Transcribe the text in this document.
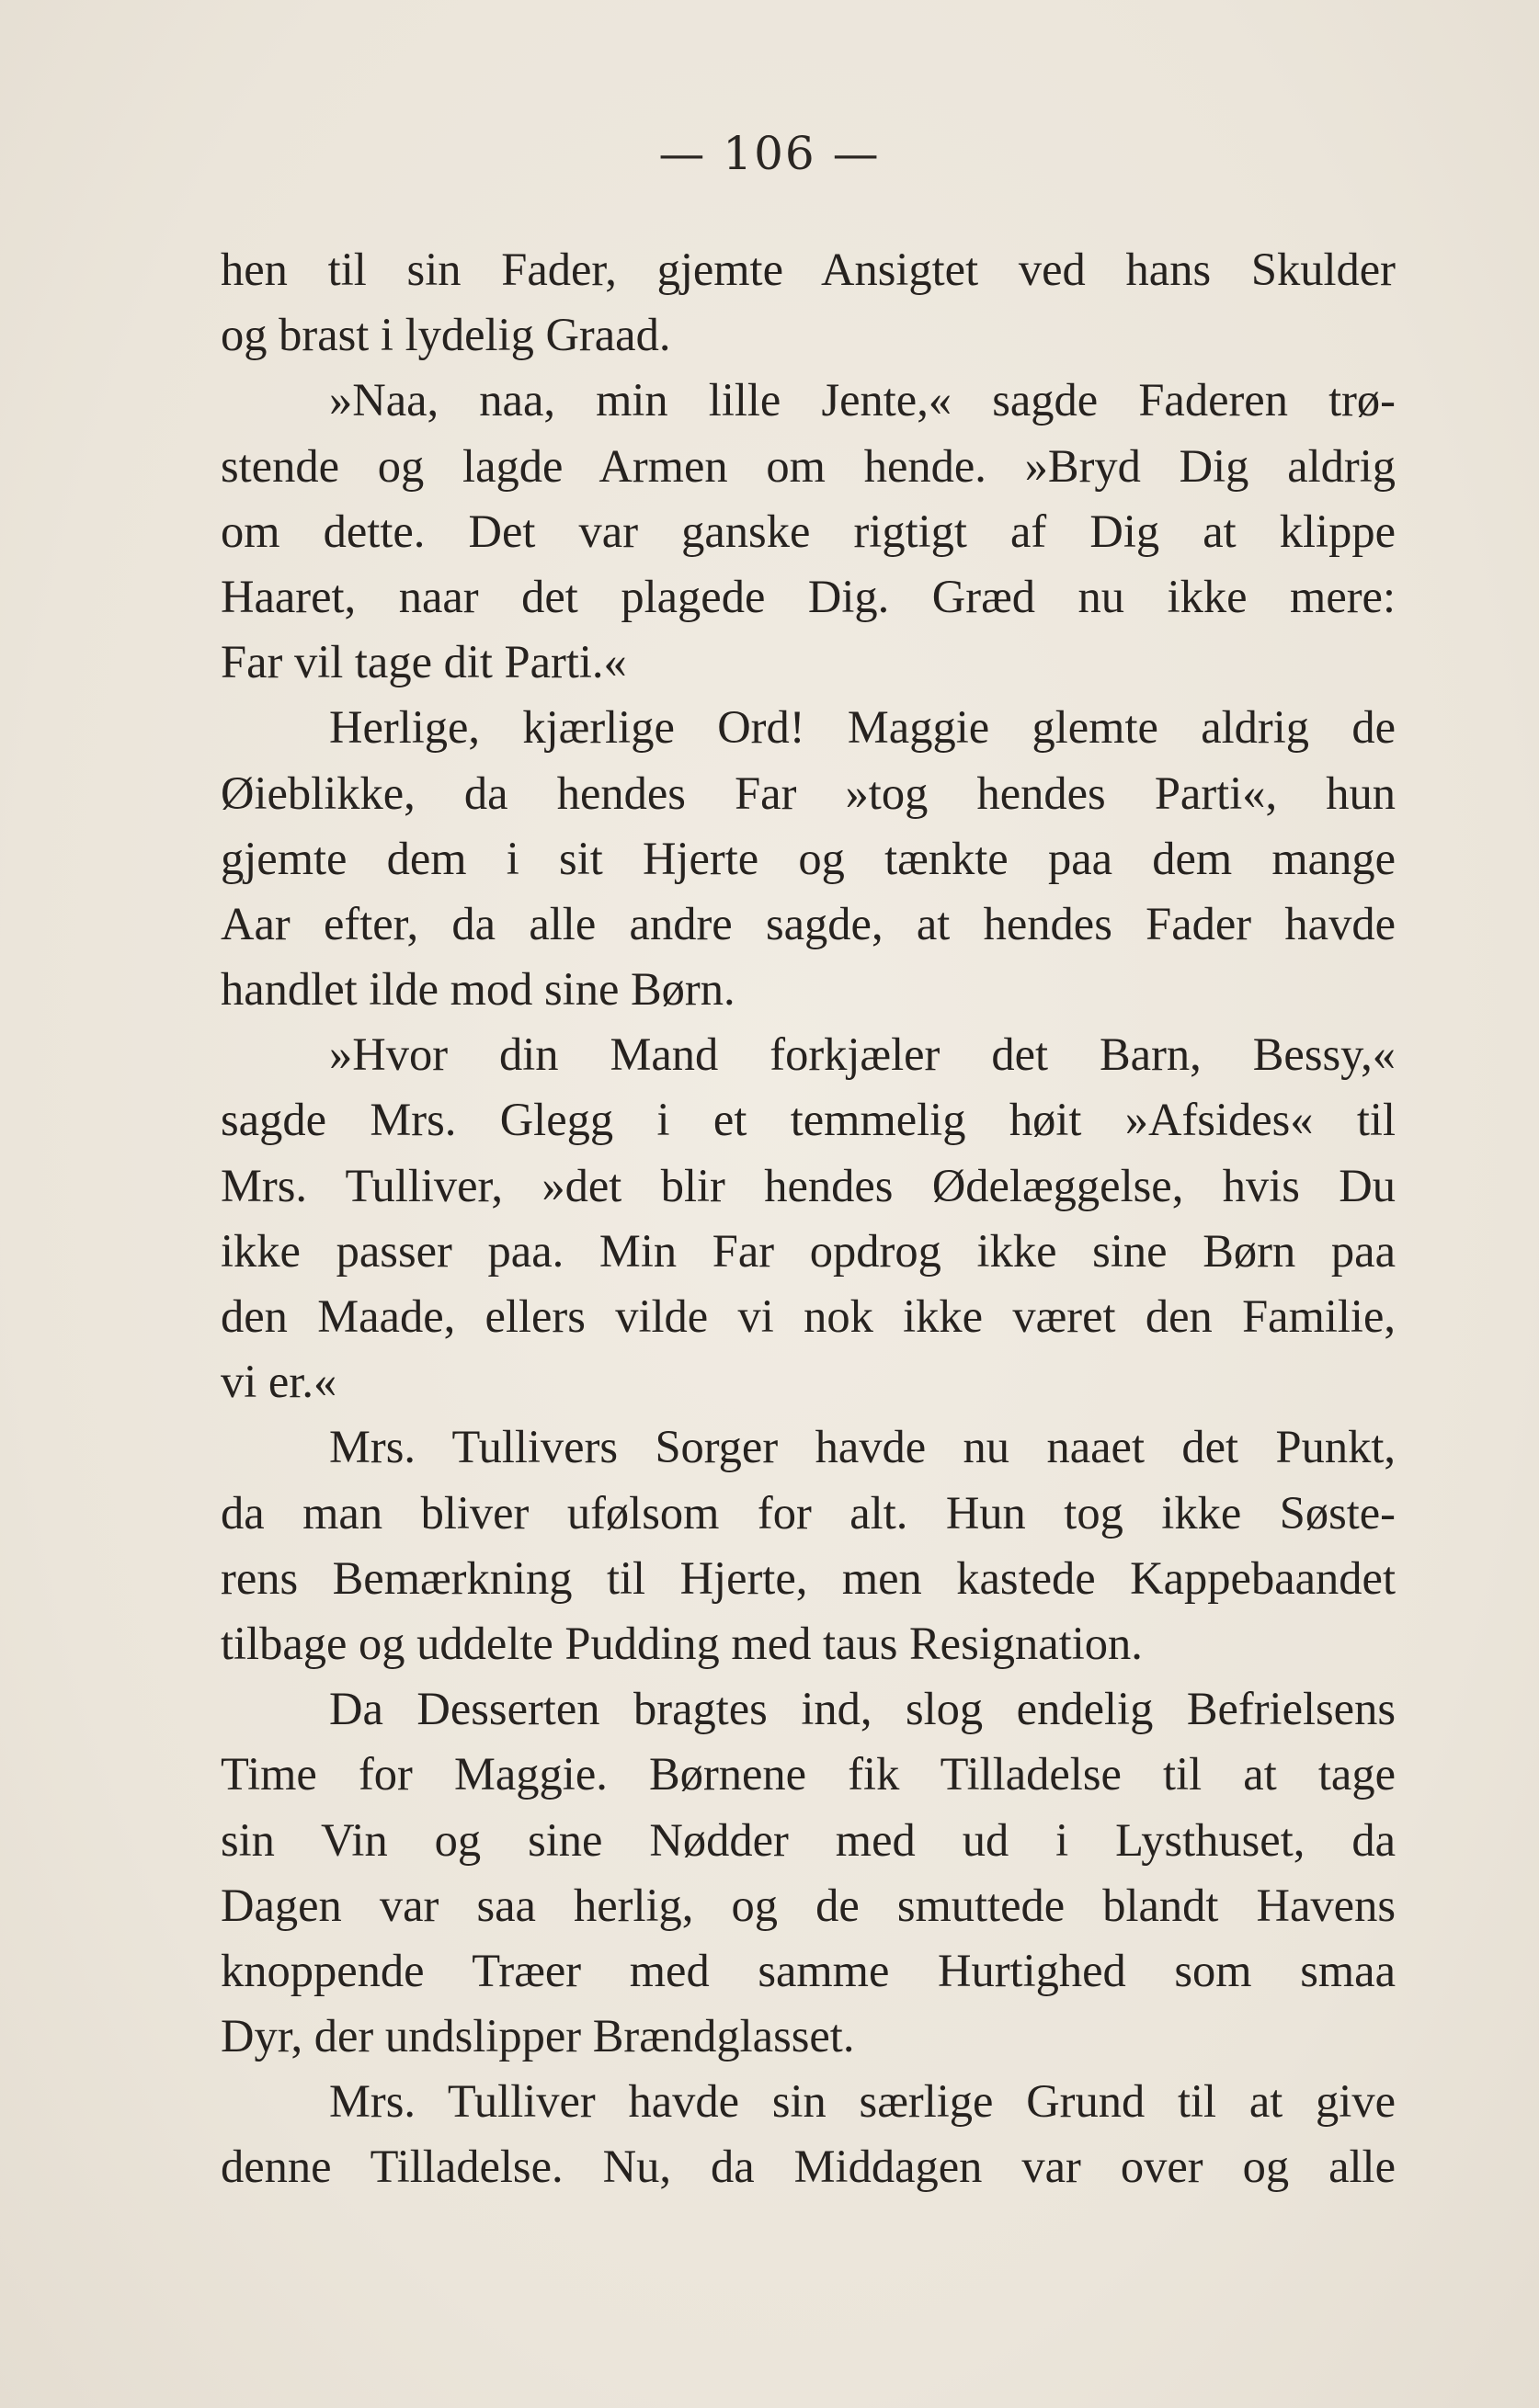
— 106 —
hen til sin Fader, gjemte Ansigtet ved hans Skulder
og brast i lydelig Graad.
»Naa, naa, min lille Jente,« sagde Faderen trø-
stende og lagde Armen om hende. »Bryd Dig aldrig
om dette. Det var ganske rigtigt af Dig at klippe
Haaret, naar det plagede Dig. Græd nu ikke mere:
Far vil tage dit Parti.«
Herlige, kjærlige Ord! Maggie glemte aldrig de
Øieblikke, da hendes Far »tog hendes Parti«, hun
gjemte dem i sit Hjerte og tænkte paa dem mange
Aar efter, da alle andre sagde, at hendes Fader havde
handlet ilde mod sine Børn.
»Hvor din Mand forkjæler det Barn, Bessy,«
sagde Mrs. Glegg i et temmelig høit »Afsides« til
Mrs. Tulliver, »det blir hendes Ødelæggelse, hvis Du
ikke passer paa. Min Far opdrog ikke sine Børn paa
den Maade, ellers vilde vi nok ikke været den Familie,
vi er.«
Mrs. Tullivers Sorger havde nu naaet det Punkt,
da man bliver ufølsom for alt. Hun tog ikke Søste-
rens Bemærkning til Hjerte, men kastede Kappebaandet
tilbage og uddelte Pudding med taus Resignation.
Da Desserten bragtes ind, slog endelig Befrielsens
Time for Maggie. Børnene fik Tilladelse til at tage
sin Vin og sine Nødder med ud i Lysthuset, da
Dagen var saa herlig, og de smuttede blandt Havens
knoppende Træer med samme Hurtighed som smaa
Dyr, der undslipper Brændglasset.
Mrs. Tulliver havde sin særlige Grund til at give
denne Tilladelse. Nu, da Middagen var over og alle
